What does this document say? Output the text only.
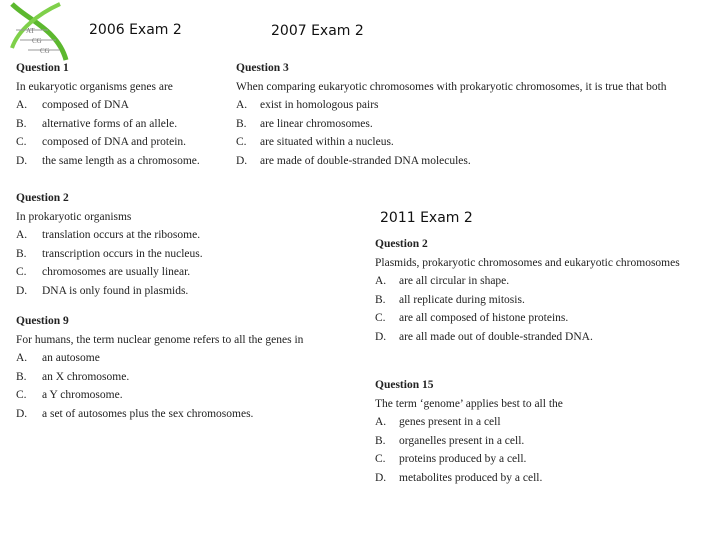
AT
CG
CG
2006 Exam 2	2007 Exam 2
2011 Exam 2
Question 1
In eukaryotic organisms genes are
A.	composed of DNA
B.	alternative forms of an allele.
C.	composed of DNA and protein.
D.	the same length as a chromosome.
Question 2
In prokaryotic organisms
A.	translation occurs at the ribosome.
B.	transcription occurs in the nucleus.
C.	chromosomes are usually linear.
D.	DNA is only found in plasmids.
Question 9
For humans, the term nuclear genome refers to all the genes in
A.	an autosome
B.	an X chromosome.
C.	a Y chromosome.
D.	a set of autosomes plus the sex chromosomes.
Question 3
When comparing eukaryotic chromosomes with prokaryotic chromosomes, it is true that both
A.	exist in homologous pairs
B.	are linear chromosomes.
C.	are situated within a nucleus.
D.	are made of double-stranded DNA molecules.
Question 2
Plasmids, prokaryotic chromosomes and eukaryotic chromosomes
A.	are all circular in shape.
B.	all replicate during mitosis.
C.	are all composed of histone proteins.
D.	are all made out of double-stranded DNA.
Question 15
The term ‘genome’ applies best to all the
A.	genes present in a cell
B.	organelles present in a cell.
C.	proteins produced by a cell.
D.	metabolites produced by a cell.
